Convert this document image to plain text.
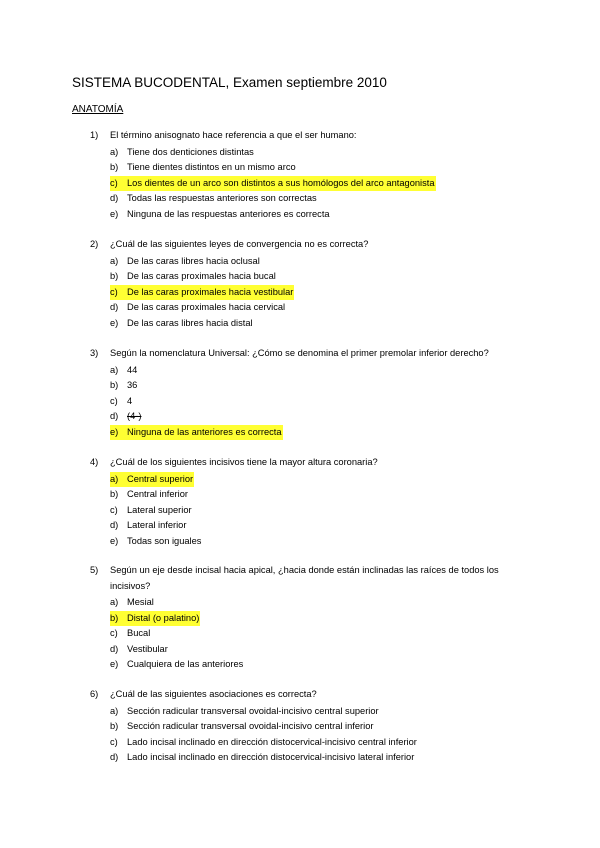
SISTEMA BUCODENTAL, Examen septiembre 2010
ANATOMÍA
1) El término anisognato hace referencia a que el ser humano:
a) Tiene dos denticiones distintas
b) Tiene dientes distintos en un mismo arco
c) Los dientes de un arco son distintos a sus homólogos del arco antagonista
d) Todas las respuestas anteriores son correctas
e) Ninguna de las respuestas anteriores es correcta
2) ¿Cuál de las siguientes leyes de convergencia no es correcta?
a) De las caras libres hacia oclusal
b) De las caras proximales hacia bucal
c) De las caras proximales hacia vestibular
d) De las caras proximales hacia cervical
e) De las caras libres hacia distal
3) Según la nomenclatura Universal: ¿Cómo se denomina el primer premolar inferior derecho?
a) 44
b) 36
c) 4
d) (4-)
e) Ninguna de las anteriores es correcta
4) ¿Cuál de los siguientes incisivos tiene la mayor altura coronaria?
a) Central superior
b) Central inferior
c) Lateral superior
d) Lateral inferior
e) Todas son iguales
5) Según un eje desde incisal hacia apical, ¿hacia donde están inclinadas las raíces de todos los incisivos?
a) Mesial
b) Distal (o palatino)
c) Bucal
d) Vestibular
e) Cualquiera de las anteriores
6) ¿Cuál de las siguientes asociaciones es correcta?
a) Sección radicular transversal ovoidal-incisivo central superior
b) Sección radicular transversal ovoidal-incisivo central inferior
c) Lado incisal inclinado en dirección distocervical-incisivo central inferior
d) Lado incisal inclinado en dirección distocervical-incisivo lateral inferior
